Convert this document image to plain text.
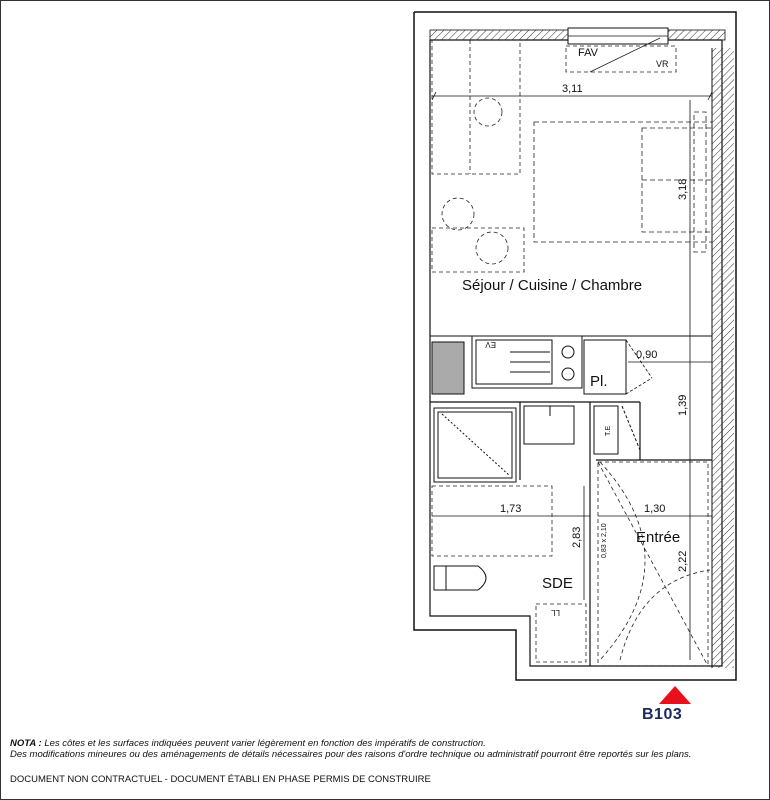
FAV
VR
3,11
3,18
Séjour / Cuisine / Chambre
EV
Pl.
0,90
1,39
T.E
1,73	1,30
2,83	0,83 x 2,10
2,22
Entrée
SDE
LL
B103
NOTA : Les côtes et les surfaces indiquées peuvent varier légèrement en fonction des impératifs de construction.
Des modifications mineures ou des aménagements de détails nécessaires pour des raisons d'ordre technique ou administratif pourront être reportés sur les plans.
DOCUMENT NON CONTRACTUEL - DOCUMENT ÉTABLI EN PHASE PERMIS DE CONSTRUIRE
